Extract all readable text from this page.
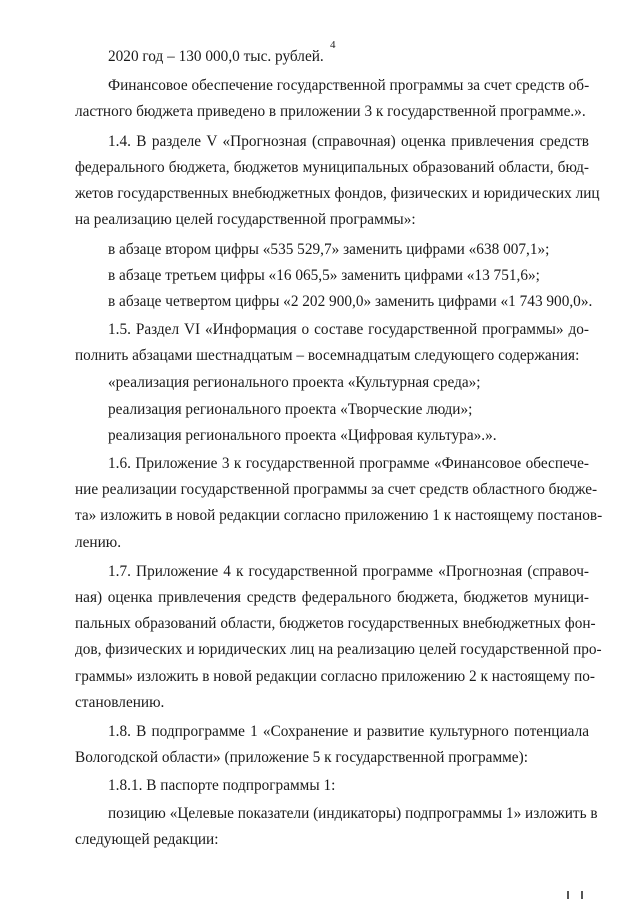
4
2020 год – 130 000,0 тыс. рублей.
Финансовое обеспечение государственной программы за счет средств об-
ластного бюджета приведено в приложении 3 к государственной программе.».
1.4. В разделе V «Прогнозная (справочная) оценка привлечения средств
федерального бюджета, бюджетов муниципальных образований области, бюд-
жетов государственных внебюджетных фондов, физических и юридических лиц
на реализацию целей государственной программы»:
в абзаце втором цифры «535 529,7» заменить цифрами «638 007,1»;
в абзаце третьем цифры «16 065,5» заменить цифрами «13 751,6»;
в абзаце четвертом цифры «2 202 900,0» заменить цифрами «1 743 900,0».
1.5. Раздел VI «Информация о составе государственной программы» до-
полнить абзацами шестнадцатым – восемнадцатым следующего содержания:
«реализация регионального проекта «Культурная среда»;
реализация регионального проекта «Творческие люди»;
реализация регионального проекта «Цифровая культура».».
1.6. Приложение 3 к государственной программе «Финансовое обеспече-
ние реализации государственной программы за счет средств областного бюдже-
та» изложить в новой редакции согласно приложению 1 к настоящему постанов-
лению.
1.7. Приложение 4 к государственной программе «Прогнозная (справоч-
ная) оценка привлечения средств федерального бюджета, бюджетов муници-
пальных образований области, бюджетов государственных внебюджетных фон-
дов, физических и юридических лиц на реализацию целей государственной про-
граммы» изложить в новой редакции согласно приложению 2 к настоящему по-
становлению.
1.8. В подпрограмме 1 «Сохранение и развитие культурного потенциала
Вологодской области» (приложение 5 к государственной программе):
1.8.1. В паспорте подпрограммы 1:
позицию «Целевые показатели (индикаторы) подпрограммы 1» изложить в
следующей редакции:
